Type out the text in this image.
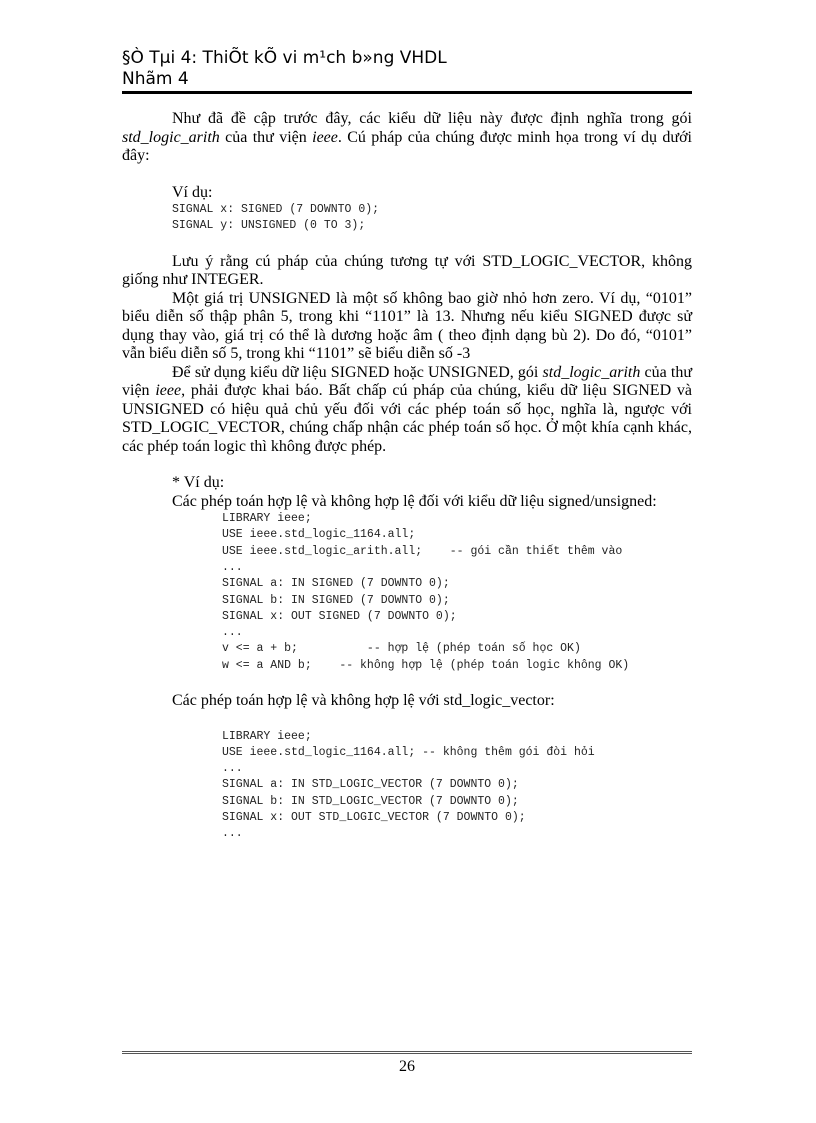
§Ò Tµi 4: ThiÕt kÕ vi m¹ch b»ng VHDL
Nhãm 4

Như đã đề cập trước đây, các kiểu dữ liệu này được định nghĩa trong gói std_logic_arith của thư viện ieee. Cú pháp của chúng được minh họa trong ví dụ dưới đây:

Ví dụ:

SIGNAL x: SIGNED (7 DOWNTO 0);
SIGNAL y: UNSIGNED (0 TO 3);

Lưu ý rằng cú pháp của chúng tương tự với STD_LOGIC_VECTOR, không giống như INTEGER.

Một giá trị UNSIGNED là một số không bao giờ nhỏ hơn zero. Ví dụ, “0101” biểu diễn số thập phân 5, trong khi “1101” là 13. Nhưng nếu kiểu SIGNED được sử dụng thay vào, giá trị có thể là dương hoặc âm ( theo định dạng bù 2). Do đó, “0101” vẫn biểu diễn số 5, trong khi “1101” sẽ biểu diễn số -3

Để sử dụng kiểu dữ liệu SIGNED hoặc UNSIGNED, gói std_logic_arith của thư viện ieee, phải được khai báo. Bất chấp cú pháp của chúng, kiểu dữ liệu SIGNED và UNSIGNED có hiệu quả chủ yếu đối với các phép toán số học, nghĩa là, ngược với STD_LOGIC_VECTOR, chúng chấp nhận các phép toán số học. Ở một khía cạnh khác, các phép toán logic thì không được phép.

* Ví dụ:

Các phép toán hợp lệ và không hợp lệ đối với kiểu dữ liệu signed/unsigned:

LIBRARY ieee;
USE ieee.std_logic_1164.all;
USE ieee.std_logic_arith.all;    -- gói cần thiết thêm vào
...
SIGNAL a: IN SIGNED (7 DOWNTO 0);
SIGNAL b: IN SIGNED (7 DOWNTO 0);
SIGNAL x: OUT SIGNED (7 DOWNTO 0);
...
v <= a + b;          -- hợp lệ (phép toán số học OK)
w <= a AND b;    -- không hợp lệ (phép toán logic không OK)

Các phép toán hợp lệ và không hợp lệ với std_logic_vector:

LIBRARY ieee;
USE ieee.std_logic_1164.all; -- không thêm gói đòi hỏi
...
SIGNAL a: IN STD_LOGIC_VECTOR (7 DOWNTO 0);
SIGNAL b: IN STD_LOGIC_VECTOR (7 DOWNTO 0);
SIGNAL x: OUT STD_LOGIC_VECTOR (7 DOWNTO 0);
...
26
